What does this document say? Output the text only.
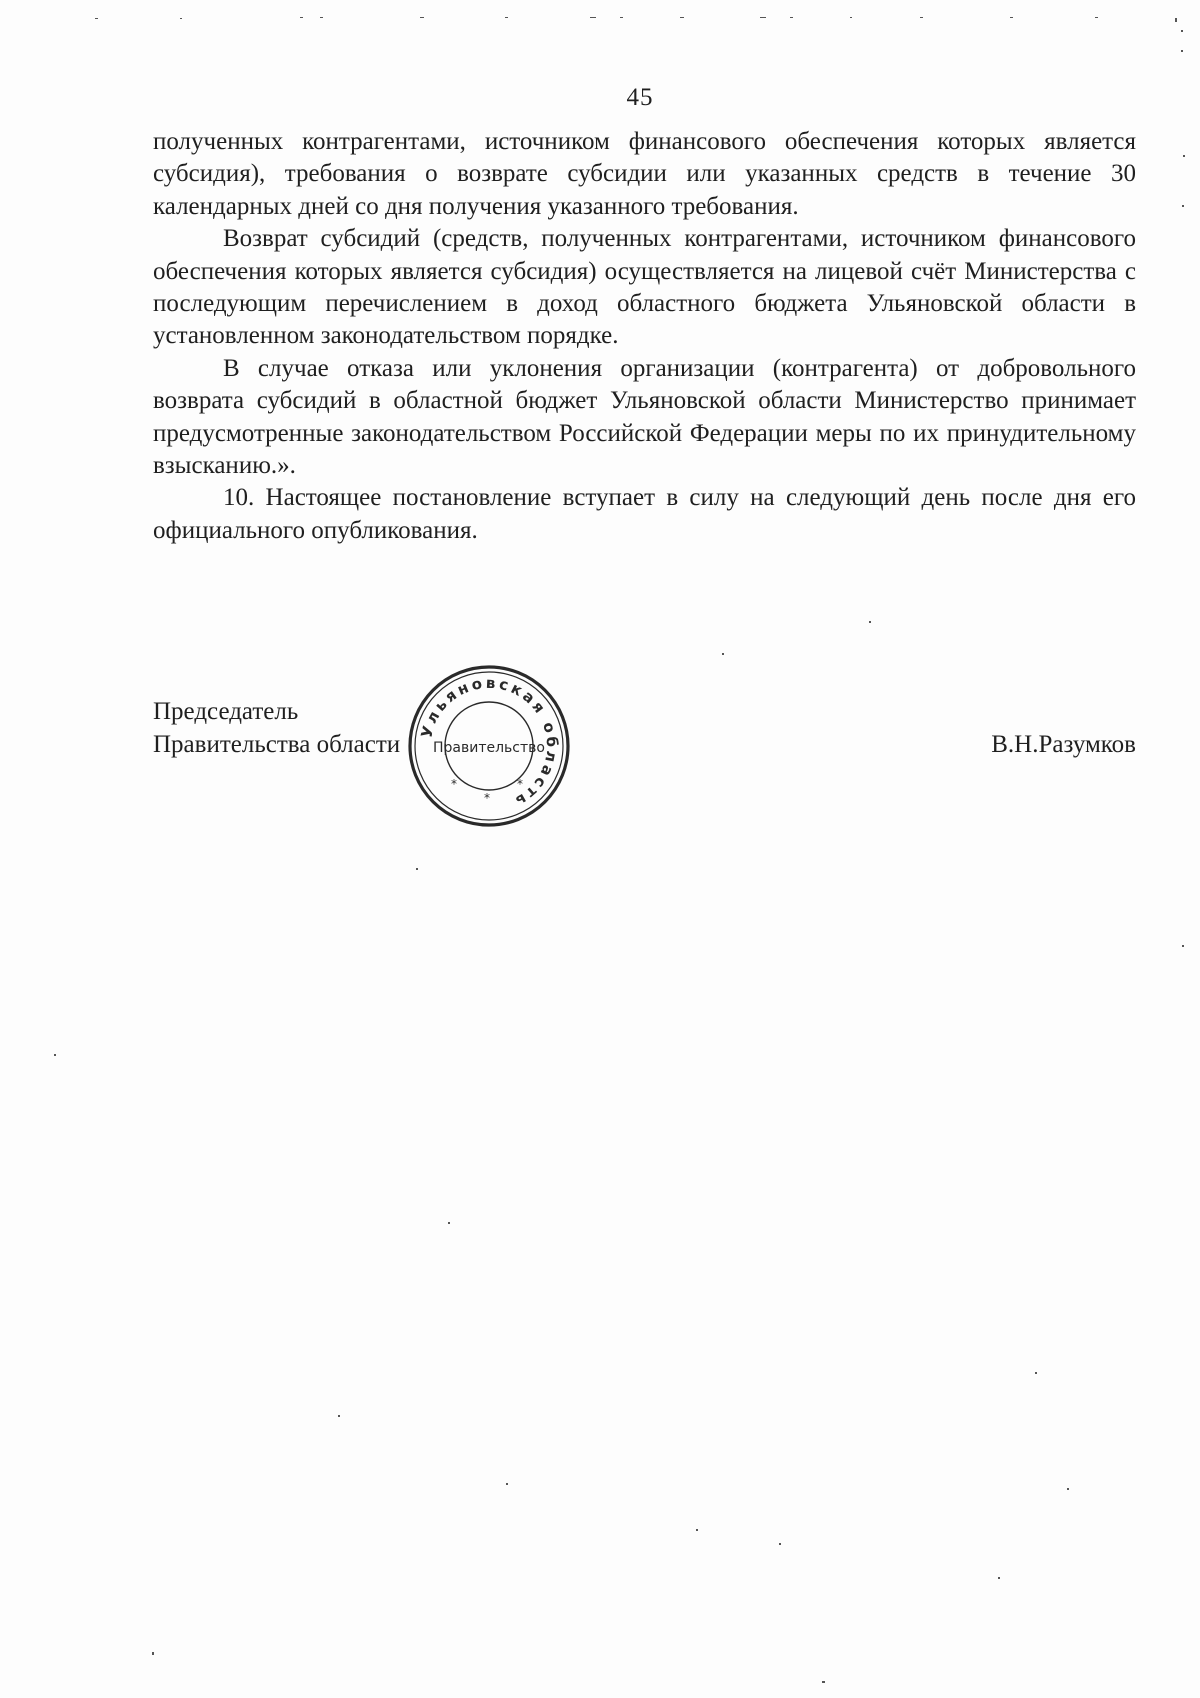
45

полученных контрагентами, источником финансового обеспечения которых является субсидия), требования о возврате субсидии или указанных средств в течение 30 календарных дней со дня получения указанного требования.

Возврат субсидий (средств, полученных контрагентами, источником финансового обеспечения которых является субсидия) осуществляется на лицевой счёт Министерства с последующим перечислением в доход областного бюджета Ульяновской области в установленном законодательством порядке.

В случае отказа или уклонения организации (контрагента) от добровольного возврата субсидий в областной бюджет Ульяновской области Министерство принимает предусмотренные законодательством Российской Федерации меры по их принудительному взысканию.».

10. Настоящее постановление вступает в силу на следующий день после дня его официального опубликования.

Председатель
Правительства области	В.Н.Разумков
Ульяновская область
Правительство
*
*
*
